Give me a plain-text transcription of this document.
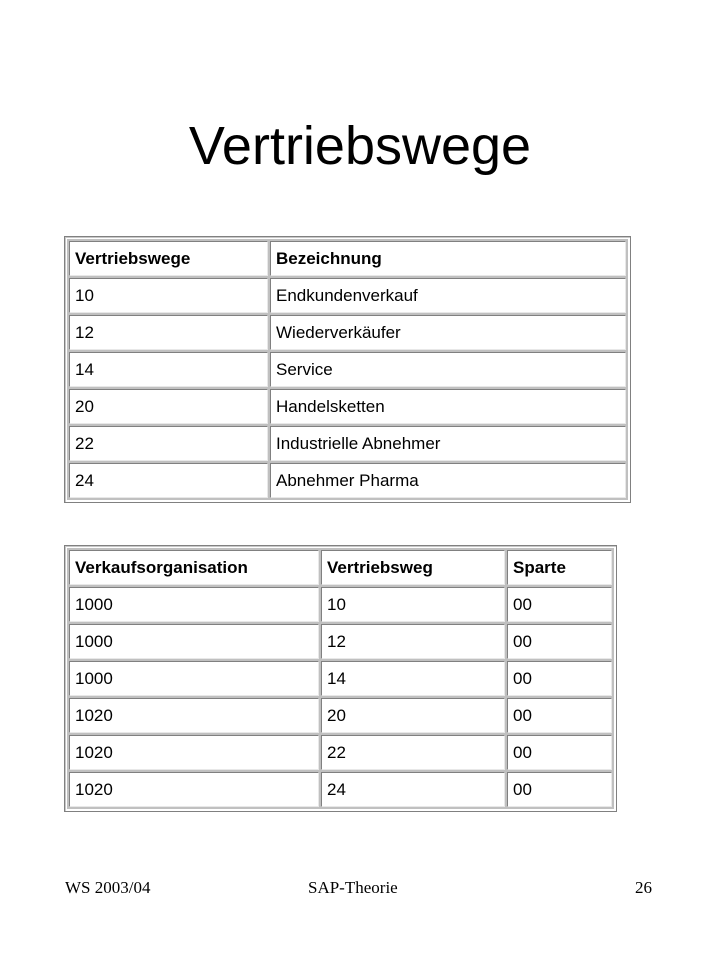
Vertriebswege
Vertriebswege	Bezeichnung
10	Endkundenverkauf
12	Wiederverkäufer
14	Service
20	Handelsketten
22	Industrielle Abnehmer
24	Abnehmer Pharma
Verkaufsorganisation	Vertriebsweg	Sparte
1000	10	00
1000	12	00
1000	14	00
1020	20	00
1020	22	00
1020	24	00
WS 2003/04	SAP-Theorie	26
